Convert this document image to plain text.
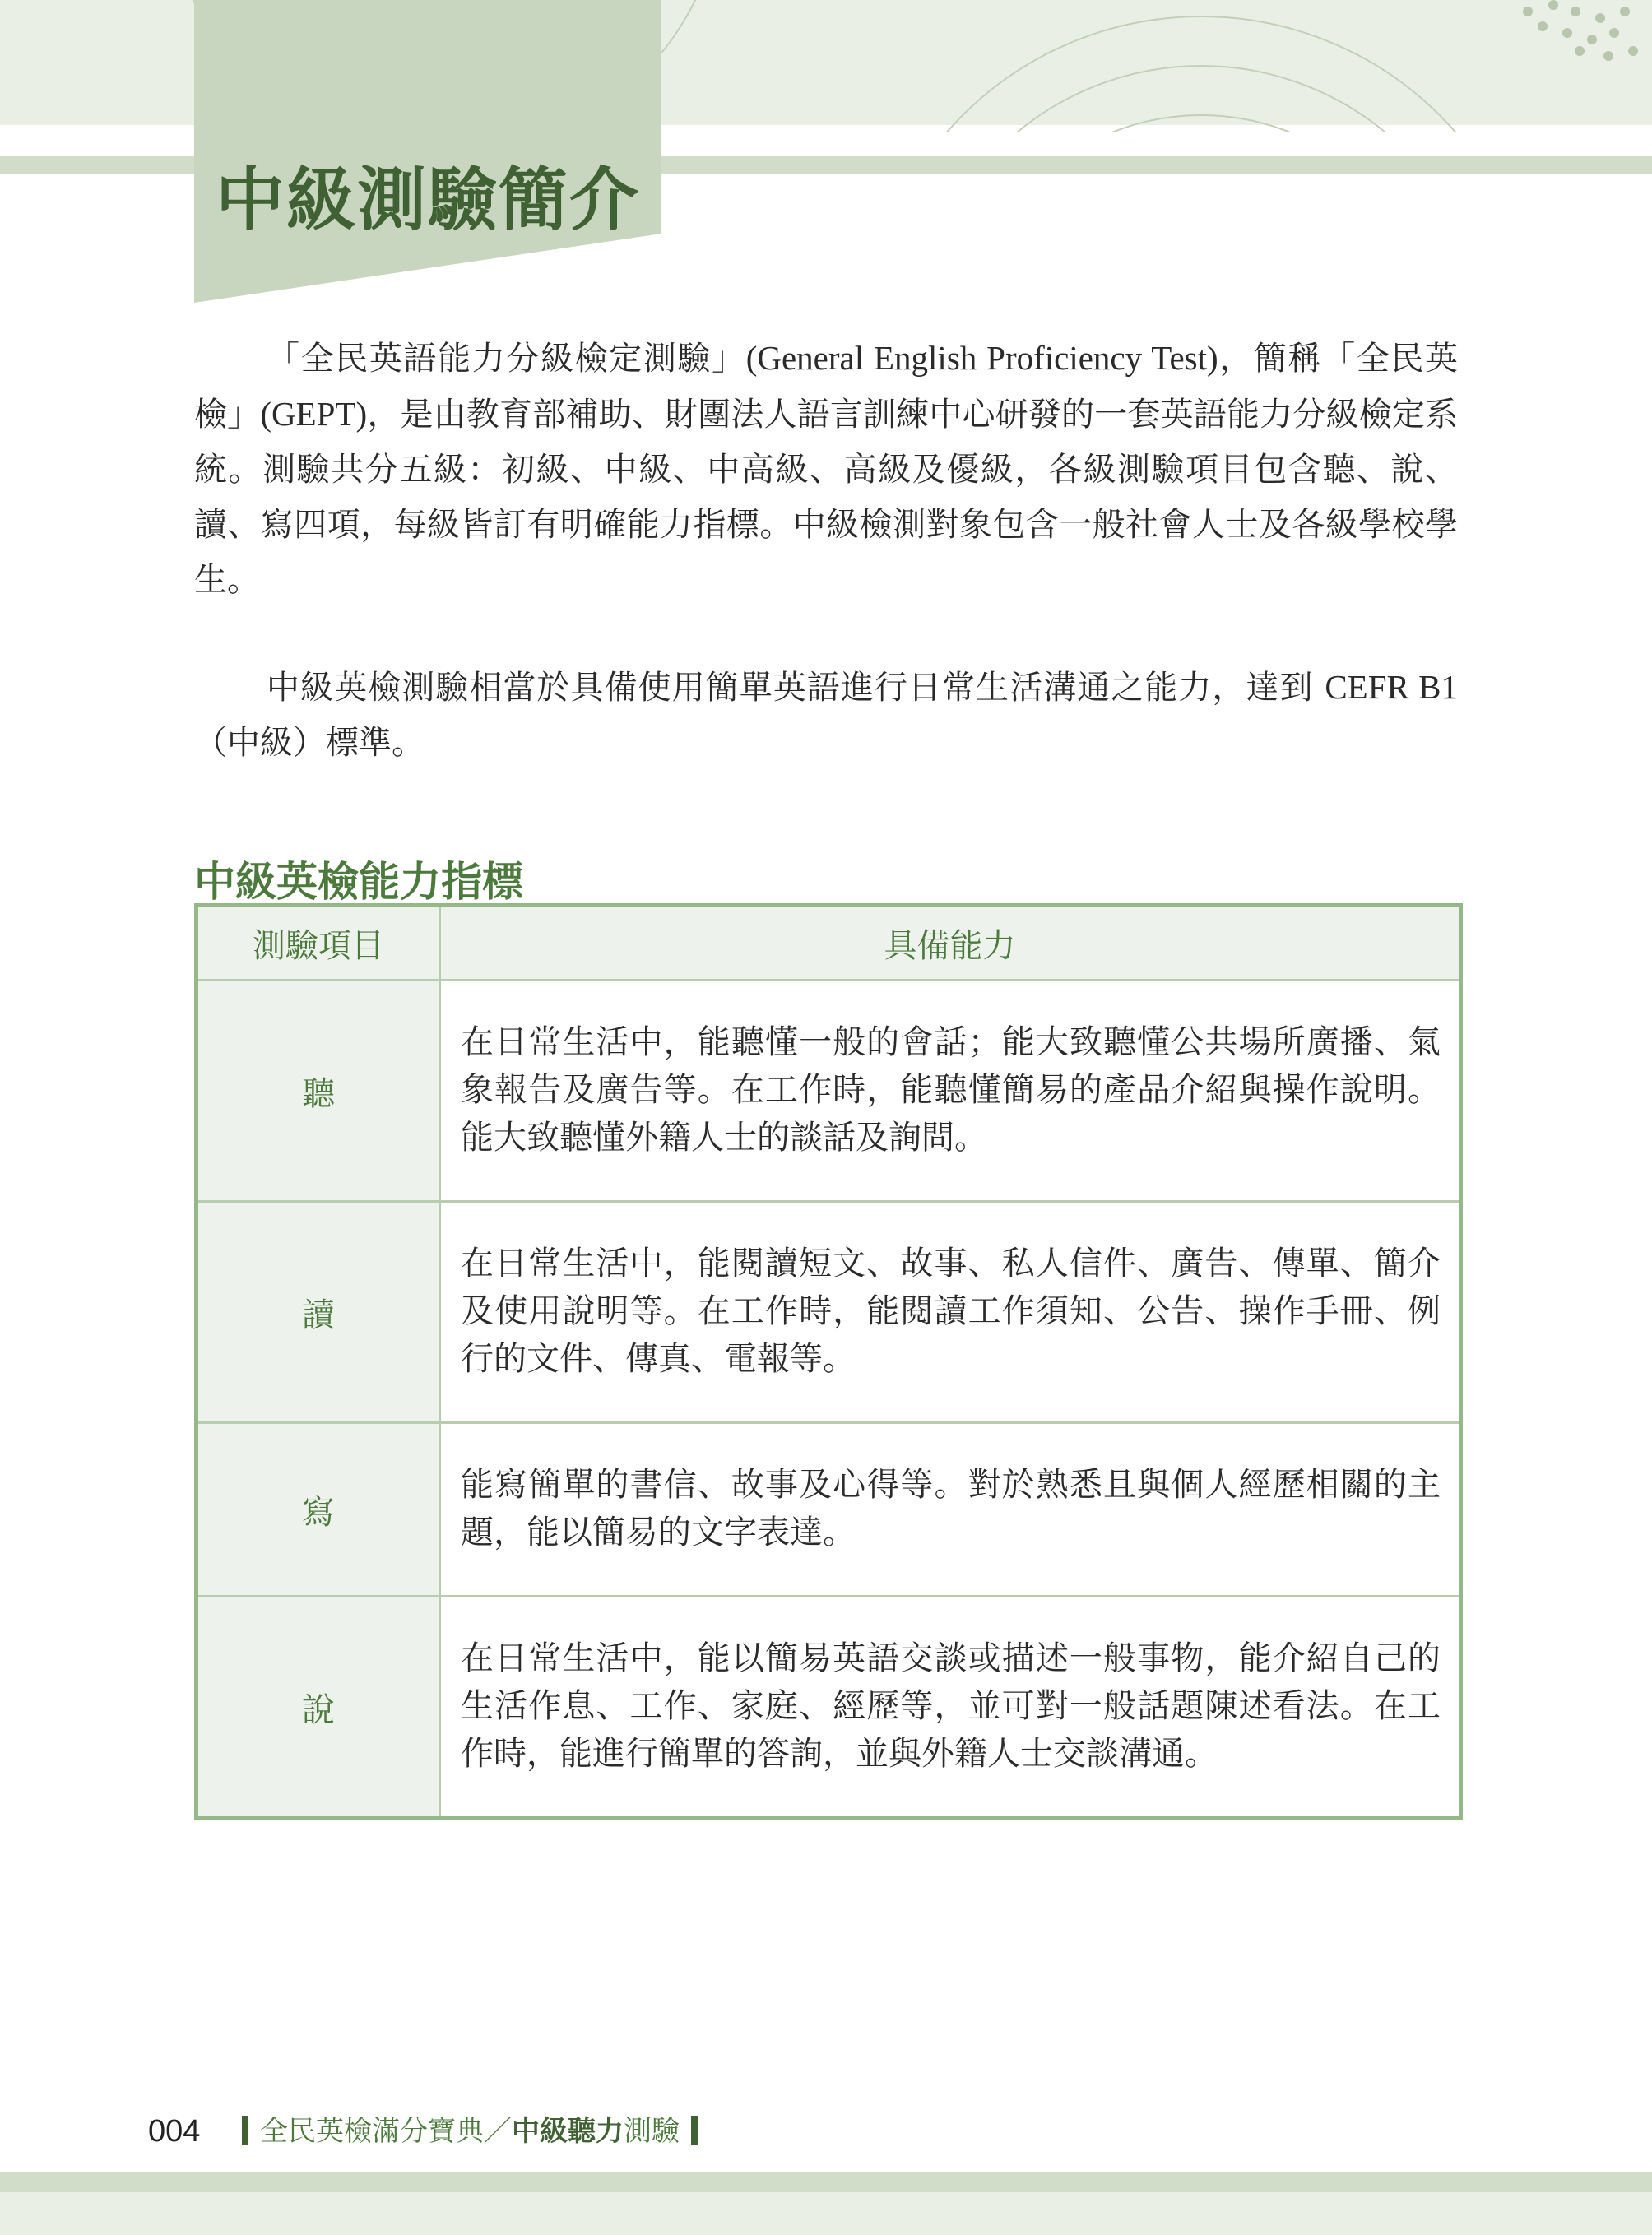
中級測驗簡介

「全民英語能力分級檢定測驗」(General English Proficiency Test)，簡稱「全民英檢」(GEPT)，是由教育部補助、財團法人語言訓練中心研發的一套英語能力分級檢定系統。測驗共分五級：初級、中級、中高級、高級及優級，各級測驗項目包含聽、說、讀、寫四項，每級皆訂有明確能力指標。中級檢測對象包含一般社會人士及各級學校學生。

中級英檢測驗相當於具備使用簡單英語進行日常生活溝通之能力，達到 CEFR B1（中級）標準。

中級英檢能力指標
測驗項目	具備能力
聽	在日常生活中，能聽懂一般的會話；能大致聽懂公共場所廣播、氣象報告及廣告等。在工作時，能聽懂簡易的產品介紹與操作說明。能大致聽懂外籍人士的談話及詢問。
讀	在日常生活中，能閱讀短文、故事、私人信件、廣告、傳單、簡介及使用說明等。在工作時，能閱讀工作須知、公告、操作手冊、例行的文件、傳真、電報等。
寫	能寫簡單的書信、故事及心得等。對於熟悉且與個人經歷相關的主題，能以簡易的文字表達。
說	在日常生活中，能以簡易英語交談或描述一般事物，能介紹自己的生活作息、工作、家庭、經歷等，並可對一般話題陳述看法。在工作時，能進行簡單的答詢，並與外籍人士交談溝通。
004	全民英檢滿分寶典／中級聽力測驗
